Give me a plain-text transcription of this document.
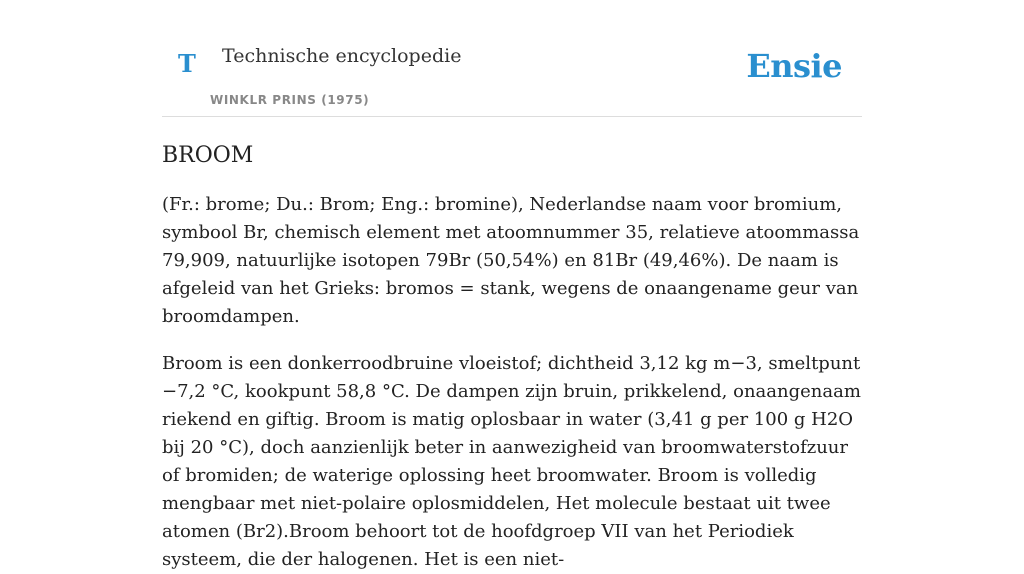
T Technische encyclopedie
WINKLR PRINS (1975)
Ensie
BROOM

(Fr.: brome; Du.: Brom; Eng.: bromine), Nederlandse naam voor bromium, symbool Br, chemisch element met atoomnummer 35, relatieve atoommassa 79,909, natuurlijke isotopen 79Br (50,54%) en 81Br (49,46%). De naam is afgeleid van het Grieks: bromos = stank, wegens de onaangename geur van broomdampen.

Broom is een donkerroodbruine vloeistof; dichtheid 3,12 kg m−3, smeltpunt −7,2 °C, kookpunt 58,8 °C. De dampen zijn bruin, prikkelend, onaangenaam riekend en giftig. Broom is matig oplosbaar in water (3,41 g per 100 g H2O bij 20 °C), doch aanzienlijk beter in aanwezigheid van broomwaterstofzuur of bromiden; de waterige oplossing heet broomwater. Broom is volledig mengbaar met niet-polaire oplosmiddelen, Het molecule bestaat uit twee atomen (Br2).Broom behoort tot de hoofdgroep VII van het Periodiek systeem, die der halogenen. Het is een niet-
